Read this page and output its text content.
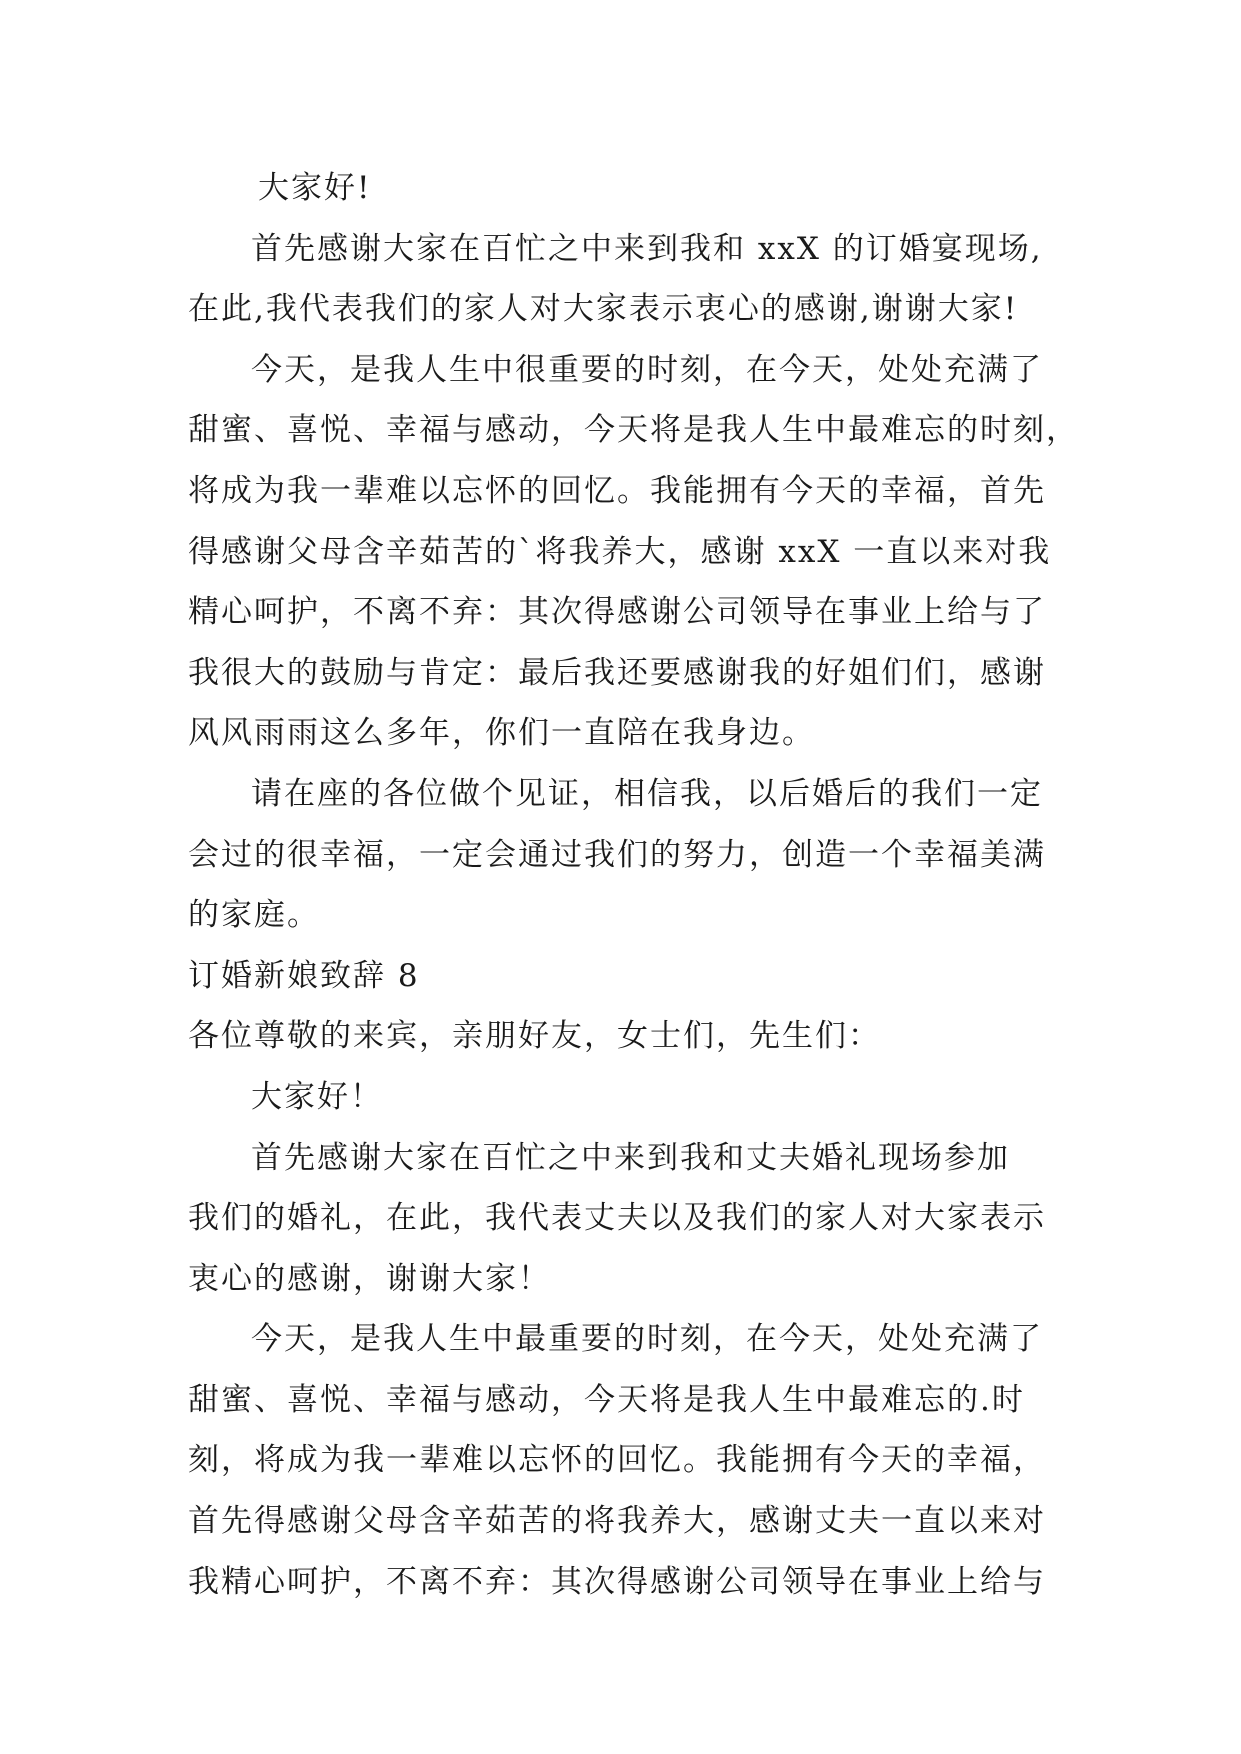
大家好!
首先感谢大家在百忙之中来到我和 xxX 的订婚宴现场,
在此,我代表我们的家人对大家表示衷心的感谢,谢谢大家!
今天，是我人生中很重要的时刻，在今天，处处充满了
甜蜜、喜悦、幸福与感动，今天将是我人生中最难忘的时刻，
将成为我一辈难以忘怀的回忆。我能拥有今天的幸福，首先
得感谢父母含辛茹苦的`将我养大，感谢 xxX 一直以来对我
精心呵护，不离不弃：其次得感谢公司领导在事业上给与了
我很大的鼓励与肯定：最后我还要感谢我的好姐们们，感谢
风风雨雨这么多年，你们一直陪在我身边。
请在座的各位做个见证，相信我，以后婚后的我们一定
会过的很幸福，一定会通过我们的努力，创造一个幸福美满
的家庭。
订婚新娘致辞 8
各位尊敬的来宾，亲朋好友，女士们，先生们：
大家好！
首先感谢大家在百忙之中来到我和丈夫婚礼现场参加
我们的婚礼，在此，我代表丈夫以及我们的家人对大家表示
衷心的感谢，谢谢大家！
今天，是我人生中最重要的时刻，在今天，处处充满了
甜蜜、喜悦、幸福与感动，今天将是我人生中最难忘的.时
刻，将成为我一辈难以忘怀的回忆。我能拥有今天的幸福，
首先得感谢父母含辛茹苦的将我养大，感谢丈夫一直以来对
我精心呵护，不离不弃：其次得感谢公司领导在事业上给与
